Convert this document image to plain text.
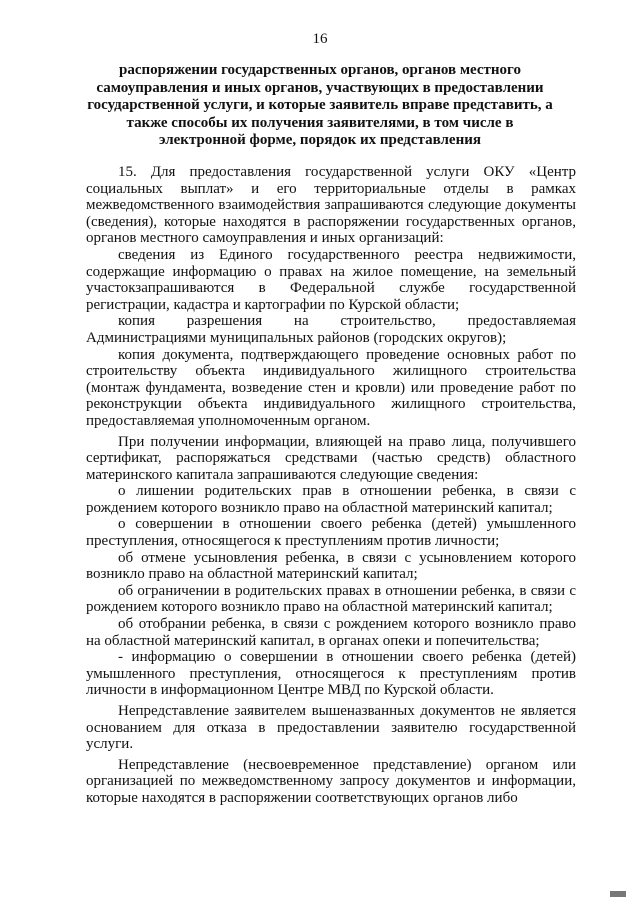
16
распоряжении государственных органов, органов местного самоуправления и иных органов, участвующих в предоставлении государственной услуги, и которые заявитель вправе представить, а также способы их получения заявителями, в том числе в электронной форме, порядок их представления

15. Для предоставления государственной услуги ОКУ «Центр социальных выплат» и его территориальные отделы в рамках межведомственного взаимодействия запрашиваются следующие документы (сведения), которые находятся в распоряжении государственных органов, органов местного самоуправления и иных организаций:

сведения из Единого государственного реестра недвижимости, содержащие информацию о правах на жилое помещение, на земельный участокзапрашиваются в Федеральной службе государственной регистрации, кадастра и картографии по Курской области;

копия разрешения на строительство, предоставляемая Администрациями муниципальных районов (городских округов);

копия документа, подтверждающего проведение основных работ по строительству объекта индивидуального жилищного строительства (монтаж фундамента, возведение стен и кровли) или проведение работ по реконструкции объекта индивидуального жилищного строительства, предоставляемая уполномоченным органом.

При получении информации, влияющей на право лица, получившего сертификат, распоряжаться средствами (частью средств) областного материнского капитала запрашиваются следующие сведения:

о лишении родительских прав в отношении ребенка, в связи с рождением которого возникло право на областной материнский капитал;

о совершении в отношении своего ребенка (детей) умышленного преступления, относящегося к преступлениям против личности;

об отмене усыновления ребенка, в связи с усыновлением которого возникло право на областной материнский капитал;

об ограничении в родительских правах в отношении ребенка, в связи с рождением которого возникло право на областной материнский капитал;

об отобрании ребенка, в связи с рождением которого возникло право на областной материнский капитал, в органах опеки и попечительства;

- информацию о совершении в отношении своего ребенка (детей) умышленного преступления, относящегося к преступлениям против личности в информационном Центре МВД по Курской области.

Непредставление заявителем вышеназванных документов не является основанием для отказа в предоставлении заявителю государственной услуги.

Непредставление (несвоевременное представление) органом или организацией по межведомственному запросу документов и информации, которые находятся в распоряжении соответствующих органов либо
